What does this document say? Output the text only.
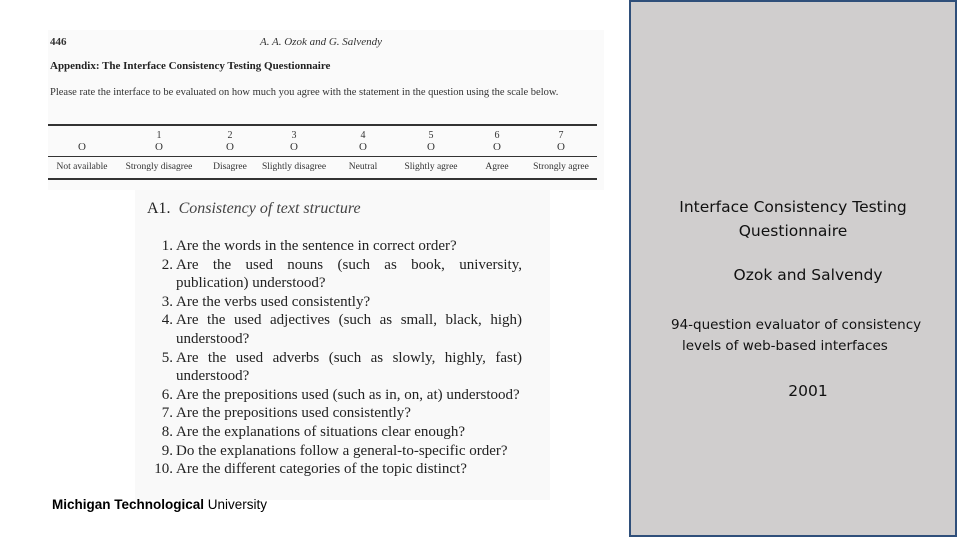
446	A. A. Ozok and G. Salvendy
Appendix: The Interface Consistency Testing Questionnaire
Please rate the interface to be evaluated on how much you agree with the statement in the question using the scale below.
O
Not available
1
O
Strongly disagree
2
O
Disagree
3
O
Slightly disagree
4
O
Neutral
5
O
Slightly agree
6
O
Agree
7
O
Strongly agree
A1. Consistency of text structure
1. Are the words in the sentence in correct order?
2. Are the used nouns (such as book, university, publication) understood?
3. Are the verbs used consistently?
4. Are the used adjectives (such as small, black, high) understood?
5. Are the used adverbs (such as slowly, highly, fast) understood?
6. Are the prepositions used (such as in, on, at) understood?
7. Are the prepositions used consistently?
8. Are the explanations of situations clear enough?
9. Do the explanations follow a general-to-specific order?
10. Are the different categories of the topic distinct?
Michigan Technological University
Interface Consistency Testing
Questionnaire
Ozok and Salvendy
94-question evaluator of consistency
levels of web-based interfaces
2001
